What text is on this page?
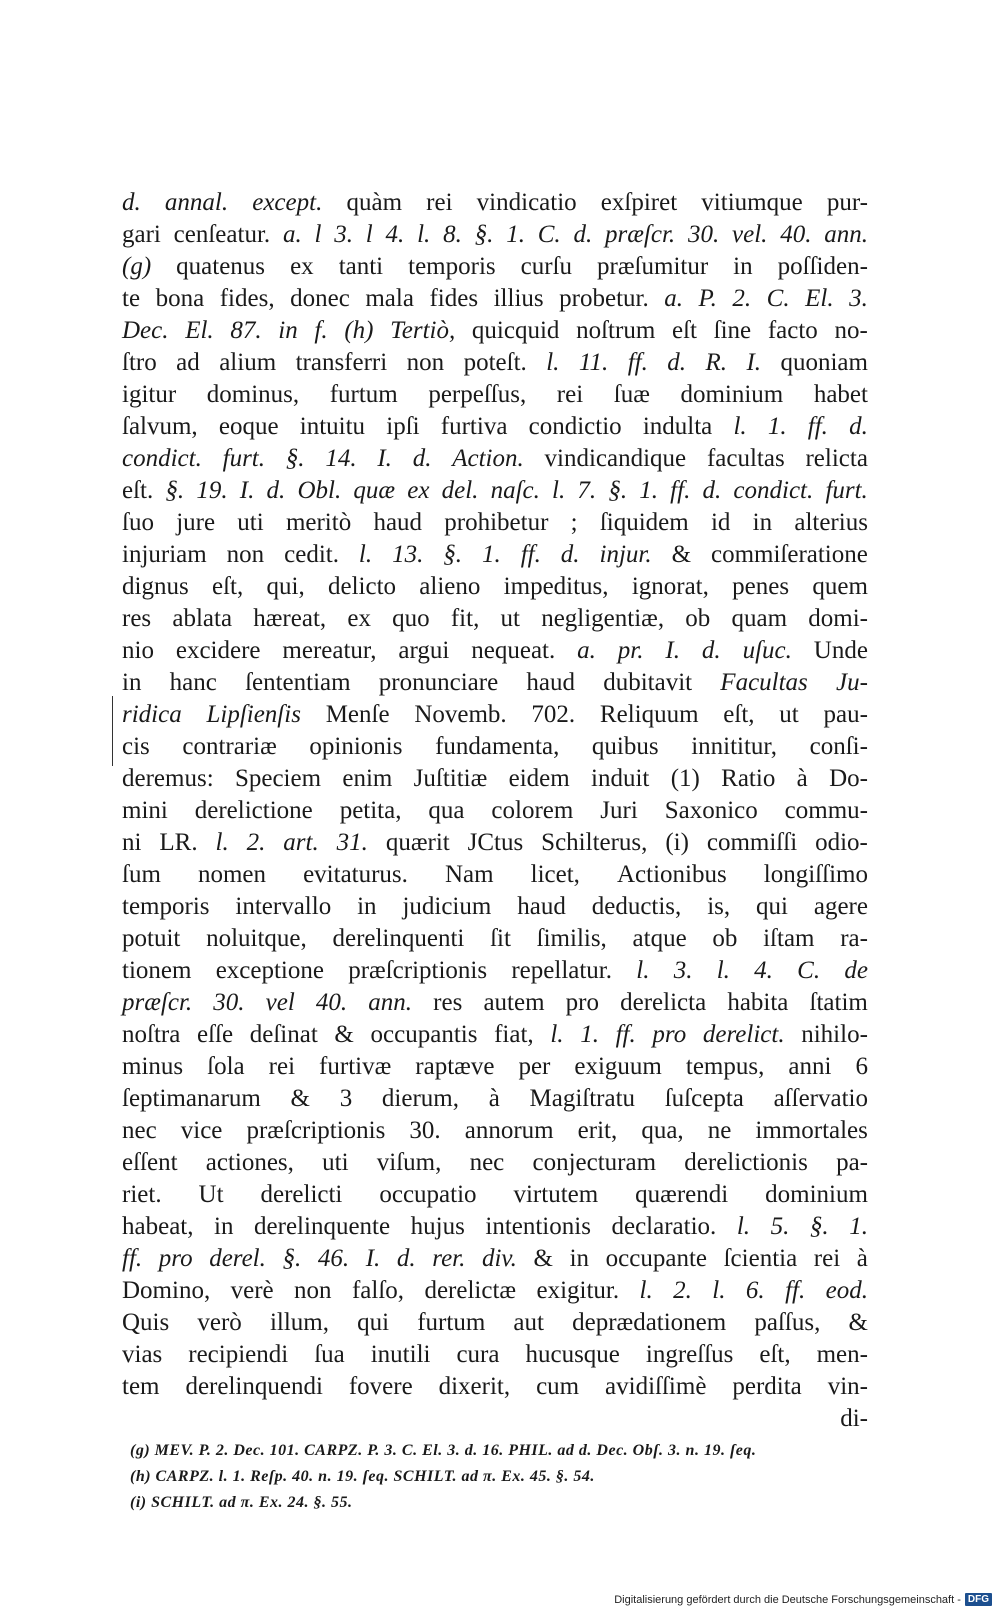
d. annal. except. quàm rei vindicatio exſpiret vitiumque pur-
gari cenſeatur. a. l 3. l 4. l. 8. §. 1. C. d. præſcr. 30. vel. 40. ann.
(g) quatenus ex tanti temporis curſu præſumitur in poſſiden-
te bona fides, donec mala fides illius probetur. a. P. 2. C. El. 3.
Dec. El. 87. in f. (h) Tertiò, quicquid noſtrum eſt ſine facto no-
ſtro ad alium transferri non poteſt. l. 11. ff. d. R. I. quoniam
igitur dominus, furtum perpeſſus, rei ſuæ dominium habet
ſalvum, eoque intuitu ipſi furtiva condictio indulta l. 1. ff. d.
condict. furt. §. 14. I. d. Action. vindicandique facultas relicta
eſt. §. 19. I. d. Obl. quæ ex del. naſc. l. 7. §. 1. ff. d. condict. furt.
ſuo jure uti meritò haud prohibetur ; ſiquidem id in alterius
injuriam non cedit. l. 13. §. 1. ff. d. injur. & commiſeratione
dignus eſt, qui, delicto alieno impeditus, ignorat, penes quem
res ablata hæreat, ex quo fit, ut negligentiæ, ob quam domi-
nio excidere mereatur, argui nequeat. a. pr. I. d. uſuc. Unde
in hanc ſententiam pronunciare haud dubitavit Facultas Ju-
ridica Lipſienſis Menſe Novemb. 702. Reliquum eſt, ut pau-
cis contrariæ opinionis fundamenta, quibus innititur, conſi-
deremus: Speciem enim Juſtitiæ eidem induit (1) Ratio à Do-
mini derelictione petita, qua colorem Juri Saxonico commu-
ni LR. l. 2. art. 31. quærit JCtus Schilterus, (i) commiſſi odio-
ſum nomen evitaturus. Nam licet, Actionibus longiſſimo
temporis intervallo in judicium haud deductis, is, qui agere
potuit noluitque, derelinquenti ſit ſimilis, atque ob iſtam ra-
tionem exceptione præſcriptionis repellatur. l. 3. l. 4. C. de
præſcr. 30. vel 40. ann. res autem pro derelicta habita ſtatim
noſtra eſſe deſinat & occupantis fiat, l. 1. ff. pro derelict. nihilo-
minus ſola rei furtivæ raptæve per exiguum tempus, anni 6
ſeptimanarum & 3 dierum, à Magiſtratu ſuſcepta aſſervatio
nec vice præſcriptionis 30. annorum erit, qua, ne immortales
eſſent actiones, uti viſum, nec conjecturam derelictionis pa-
riet. Ut derelicti occupatio virtutem quærendi dominium
habeat, in derelinquente hujus intentionis declaratio. l. 5. §. 1.
ff. pro derel. §. 46. I. d. rer. div. & in occupante ſcientia rei à
Domino, verè non falſo, derelictæ exigitur. l. 2. l. 6. ff. eod.
Quis verò illum, qui furtum aut deprædationem paſſus, &
vias recipiendi ſua inutili cura hucusque ingreſſus eſt, men-
tem derelinquendi fovere dixerit, cum avidiſſimè perdita vin-
di-
(g) MEV. P. 2. Dec. 101. CARPZ. P. 3. C. El. 3. d. 16. PHIL. ad d. Dec. Obſ. 3. n. 19. ſeq.
(h) CARPZ. l. 1. Reſp. 40. n. 19. ſeq. SCHILT. ad π. Ex. 45. §. 54.
(i) SCHILT. ad π. Ex. 24. §. 55.
Digitalisierung gefördert durch die Deutsche Forschungsgemeinschaft - DFG
